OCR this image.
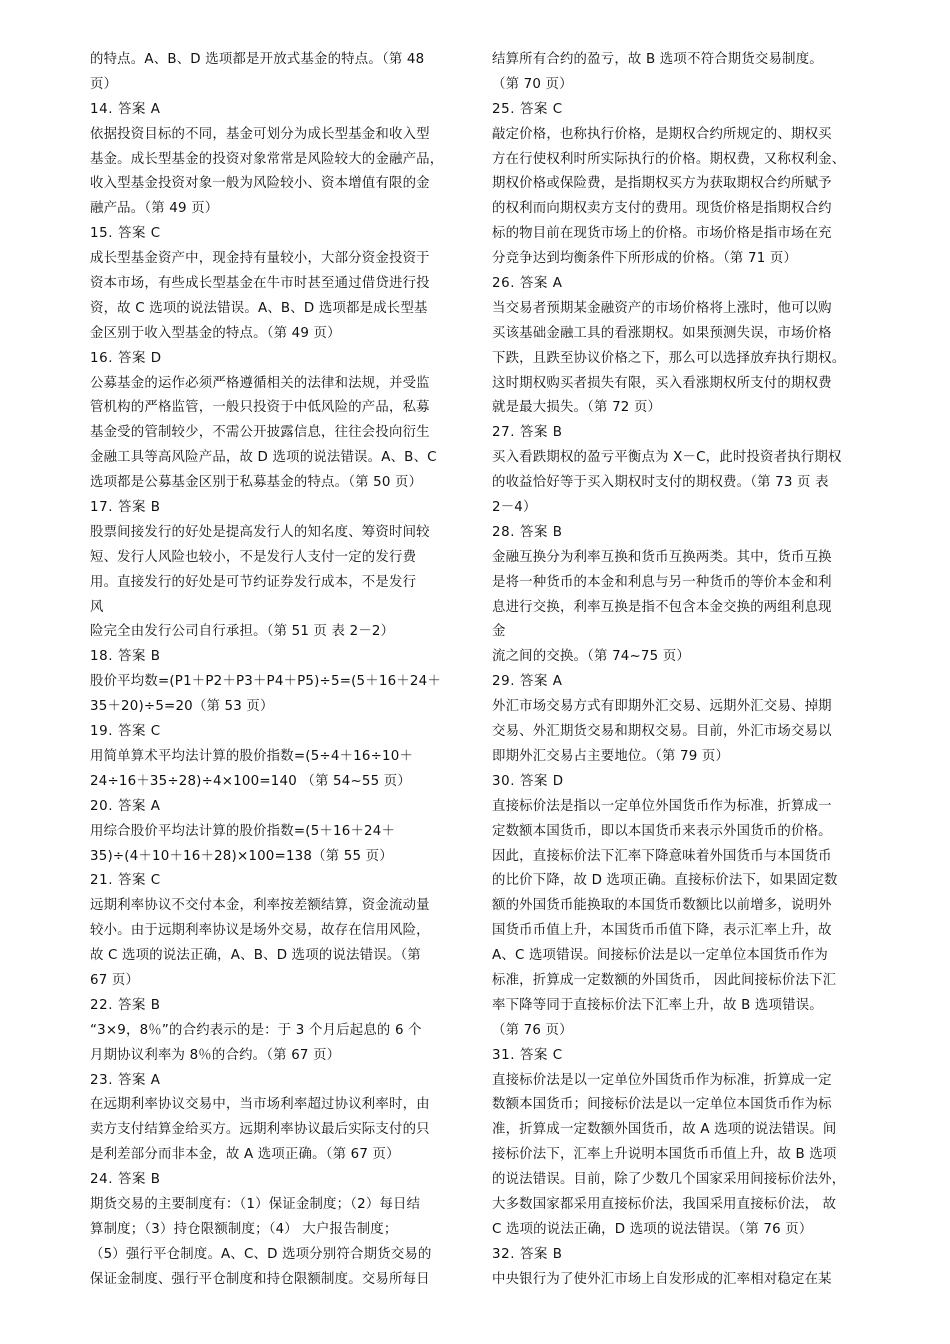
的特点。A、B、D 选项都是开放式基金的特点。（第 48
页）
14. 答案 A
依据投资目标的不同，基金可划分为成长型基金和收入型
基金。成长型基金的投资对象常常是风险较大的金融产品，
收入型基金投资对象一般为风险较小、资本增值有限的金
融产品。（第 49 页）
15. 答案 C
成长型基金资产中，现金持有量较小，大部分资金投资于
资本市场，有些成长型基金在牛市时甚至通过借贷进行投
资，故 C 选项的说法错误。A、B、D 选项都是成长型基
金区别于收入型基金的特点。（第 49 页）
16. 答案 D
公募基金的运作必须严格遵循相关的法律和法规，并受监
管机构的严格监管，一般只投资于中低风险的产品，私募
基金受的管制较少，不需公开披露信息，往往会投向衍生
金融工具等高风险产品，故 D 选项的说法错误。A、B、C
选项都是公募基金区别于私募基金的特点。（第 50 页）
17. 答案 B
股票间接发行的好处是提高发行人的知名度、筹资时间较
短、发行人风险也较小，不是发行人支付一定的发行费
用。直接发行的好处是可节约证券发行成本，不是发行
风
险完全由发行公司自行承担。（第 51 页 表 2－2）
18. 答案 B
股价平均数=(P1＋P2＋P3＋P4＋P5)÷5=(5＋16＋24＋
35＋20)÷5=20（第 53 页）
19. 答案 C
用简单算术平均法计算的股价指数=(5÷4＋16÷10＋
24÷16＋35÷28)÷4×100=140 （第 54~55 页）
20. 答案 A
用综合股价平均法计算的股价指数=(5＋16＋24＋
35)÷(4＋10＋16＋28)×100=138（第 55 页）
21. 答案 C
远期利率协议不交付本金，利率按差额结算，资金流动量
较小。由于远期利率协议是场外交易，故存在信用风险，
故 C 选项的说法正确，A、B、D 选项的说法错误。（第
67 页）
22. 答案 B
“3×9，8％”的合约表示的是：于 3 个月后起息的 6 个
月期协议利率为 8％的合约。（第 67 页）
23. 答案 A
在远期利率协议交易中，当市场利率超过协议利率时，由
卖方支付结算金给买方。远期利率协议最后实际支付的只
是利差部分而非本金，故 A 选项正确。（第 67 页）
24. 答案 B
期货交易的主要制度有：（1）保证金制度；（2）每日结
算制度；（3）持仓限额制度；（4） 大户报告制度；
（5）强行平仓制度。A、C、D 选项分别符合期货交易的
保证金制度、强行平仓制度和持仓限额制度。交易所每日
结算所有合约的盈亏，故 B 选项不符合期货交易制度。
（第 70 页）
25. 答案 C
敲定价格，也称执行价格，是期权合约所规定的、期权买
方在行使权利时所实际执行的价格。期权费，又称权利金、
期权价格或保险费，是指期权买方为获取期权合约所赋予
的权利而向期权卖方支付的费用。现货价格是指期权合约
标的物目前在现货市场上的价格。市场价格是指市场在充
分竞争达到均衡条件下所形成的价格。（第 71 页）
26. 答案 A
当交易者预期某金融资产的市场价格将上涨时，他可以购
买该基础金融工具的看涨期权。如果预测失误，市场价格
下跌，且跌至协议价格之下，那么可以选择放弃执行期权。
这时期权购买者损失有限，买入看涨期权所支付的期权费
就是最大损失。（第 72 页）
27. 答案 B
买入看跌期权的盈亏平衡点为 X－C，此时投资者执行期权
的收益恰好等于买入期权时支付的期权费。（第 73 页 表
2－4）
28. 答案 B
金融互换分为利率互换和货币互换两类。其中，货币互换
是将一种货币的本金和利息与另一种货币的等价本金和利
息进行交换，利率互换是指不包含本金交换的两组利息现
金
流之间的交换。（第 74~75 页）
29. 答案 A
外汇市场交易方式有即期外汇交易、远期外汇交易、掉期
交易、外汇期货交易和期权交易。目前，外汇市场交易以
即期外汇交易占主要地位。（第 79 页）
30. 答案 D
直接标价法是指以一定单位外国货币作为标准，折算成一
定数额本国货币，即以本国货币来表示外国货币的价格。
因此，直接标价法下汇率下降意味着外国货币与本国货币
的比价下降，故 D 选项正确。直接标价法下，如果固定数
额的外国货币能换取的本国货币数额比以前增多，说明外
国货币币值上升，本国货币币值下降，表示汇率上升，故
A、C 选项错误。间接标价法是以一定单位本国货币作为
标准，折算成一定数额的外国货币， 因此间接标价法下汇
率下降等同于直接标价法下汇率上升，故 B 选项错误。
（第 76 页）
31. 答案 C
直接标价法是以一定单位外国货币作为标准，折算成一定
数额本国货币；间接标价法是以一定单位本国货币作为标
准，折算成一定数额外国货币，故 A 选项的说法错误。间
接标价法下，汇率上升说明本国货币币值上升，故 B 选项
的说法错误。目前，除了少数几个国家采用间接标价法外，
大多数国家都采用直接标价法，我国采用直接标价法， 故
C 选项的说法正确，D 选项的说法错误。（第 76 页）
32. 答案 B
中央银行为了使外汇市场上自发形成的汇率相对稳定在某
